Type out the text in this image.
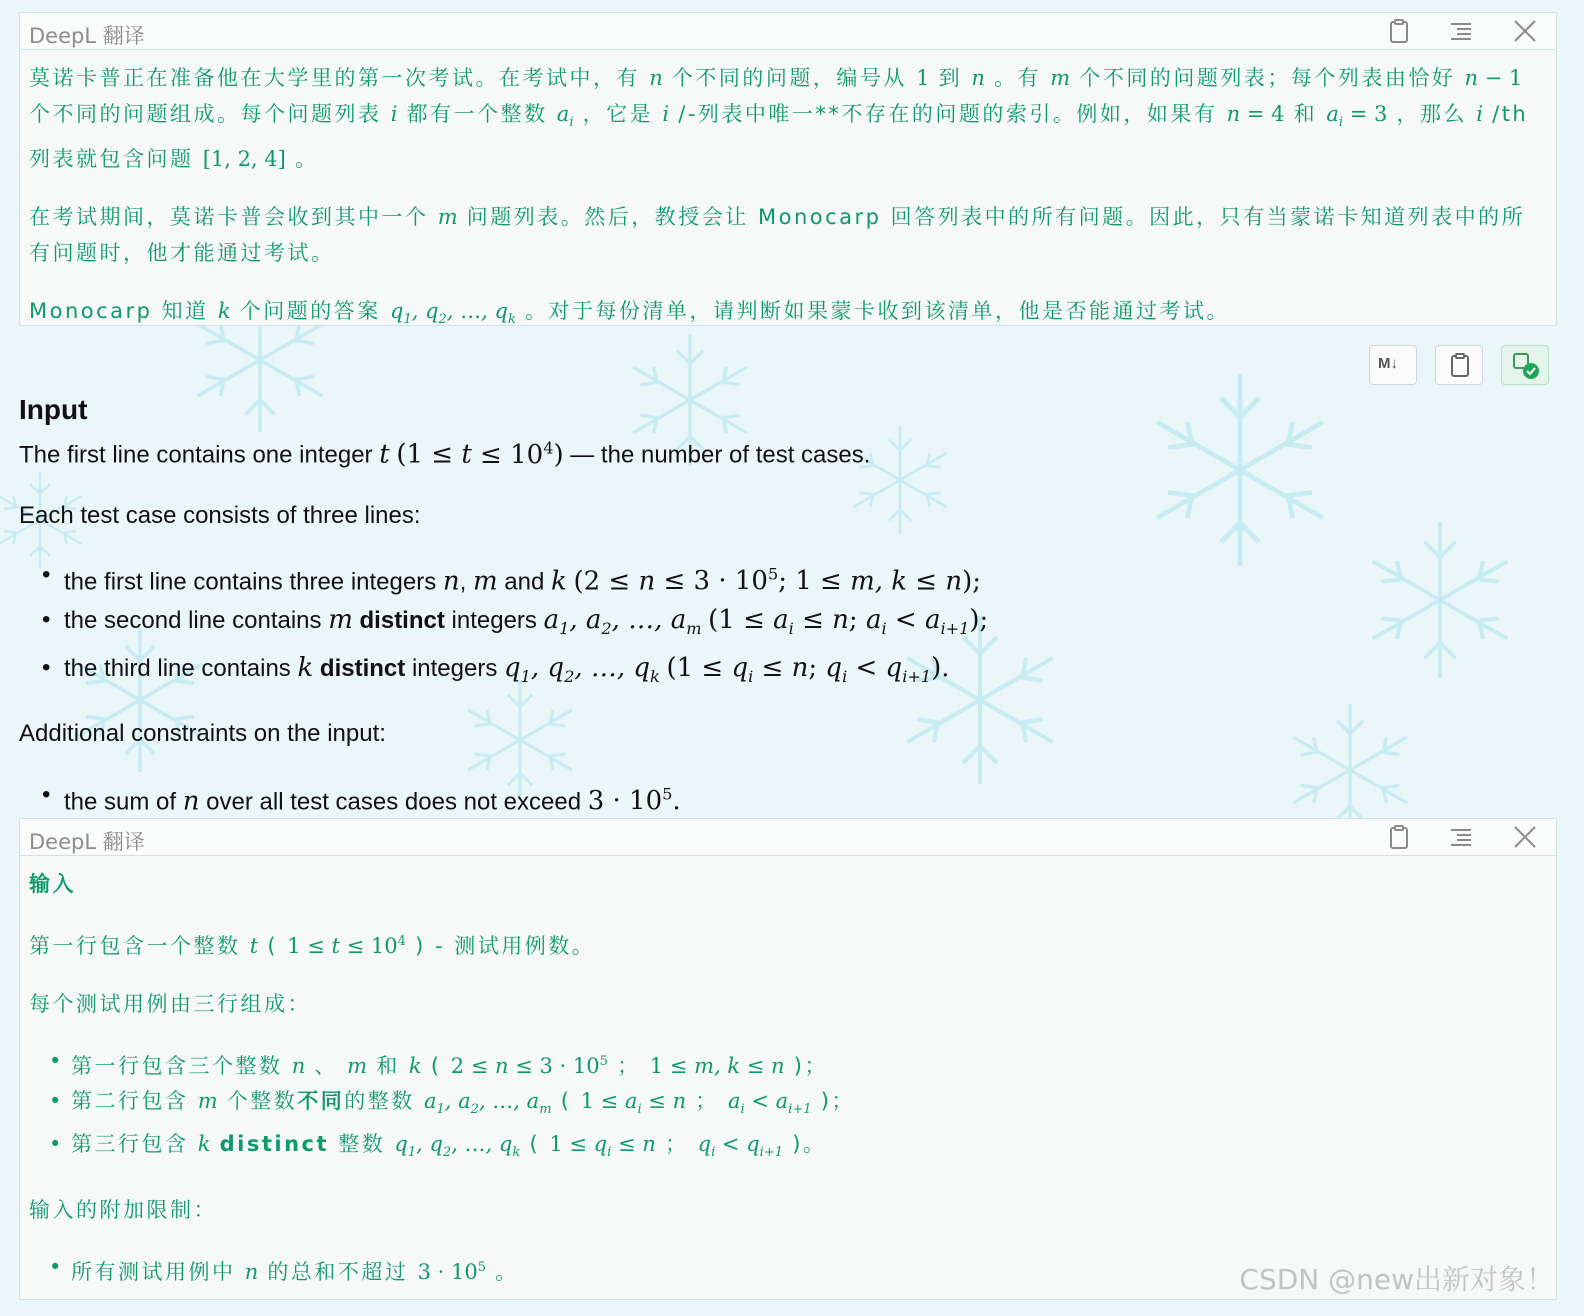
DeepL 翻译

莫诺卡普正在准备他在大学里的第一次考试。在考试中，有 n 个不同的问题，编号从 1 到 n 。有 m 个不同的问题列表；每个列表由恰好 n − 1 个不同的问题组成。每个问题列表 i 都有一个整数 $a_i$ ，它是 i /-列表中唯一**不存在的问题的索引。例如，如果有 n = 4 和 $a_i = 3$ ，那么 i /th列表就包含问题 [1, 2, 4] 。

在考试期间，莫诺卡普会收到其中一个 m 问题列表。然后，教授会让 Monocarp 回答列表中的所有问题。因此，只有当蒙诺卡知道列表中的所有问题时，他才能通过考试。

Monocarp 知道 k 个问题的答案 $q_1$, $q_2$, …, $q_k$ 。对于每份清单，请判断如果蒙卡收到该清单，他是否能通过考试。

M↓

Input

The first line contains one integer t $(1 \le t \le 10^4)$ — the number of test cases.

Each test case consists of three lines:

• the first line contains three integers n, m and k ($2 \le n \le 3 \cdot 10^5$; 1 ≤ m, k ≤ n);
• the second line contains m distinct integers $a_1$, $a_2$, …, $a_m$ ($1 \le a_i \le n$; $a_i < a_{i+1}$);
• the third line contains k distinct integers $q_1$, $q_2$, …, $q_k$ ($1 \le q_i \le n$; $q_i < q_{i+1}$).

Additional constraints on the input:

• the sum of n over all test cases does not exceed $3 \cdot 10^5$.
DeepL 翻译

输入

第一行包含一个整数 t ( $1 \le t \le 10^4$ ) - 测试用例数。

每个测试用例由三行组成：

• 第一行包含三个整数 n 、 m 和 k ( $2 \le n \le 3 \cdot 10^5$ ； 1 ≤ m, k ≤ n )；
• 第二行包含 m 个整数不同的整数 $a_1$, $a_2$, …, $a_m$ ( $1 \le a_i \le n$ ； $a_i < a_{i+1}$ )；
• 第三行包含 k distinct 整数 $q_1$, $q_2$, …, $q_k$ ( $1 \le q_i \le n$ ； $q_i < q_{i+1}$ )。

输入的附加限制：

• 所有测试用例中 n 的总和不超过 $3 \cdot 10^5$ 。	CSDN @new出新对象！
